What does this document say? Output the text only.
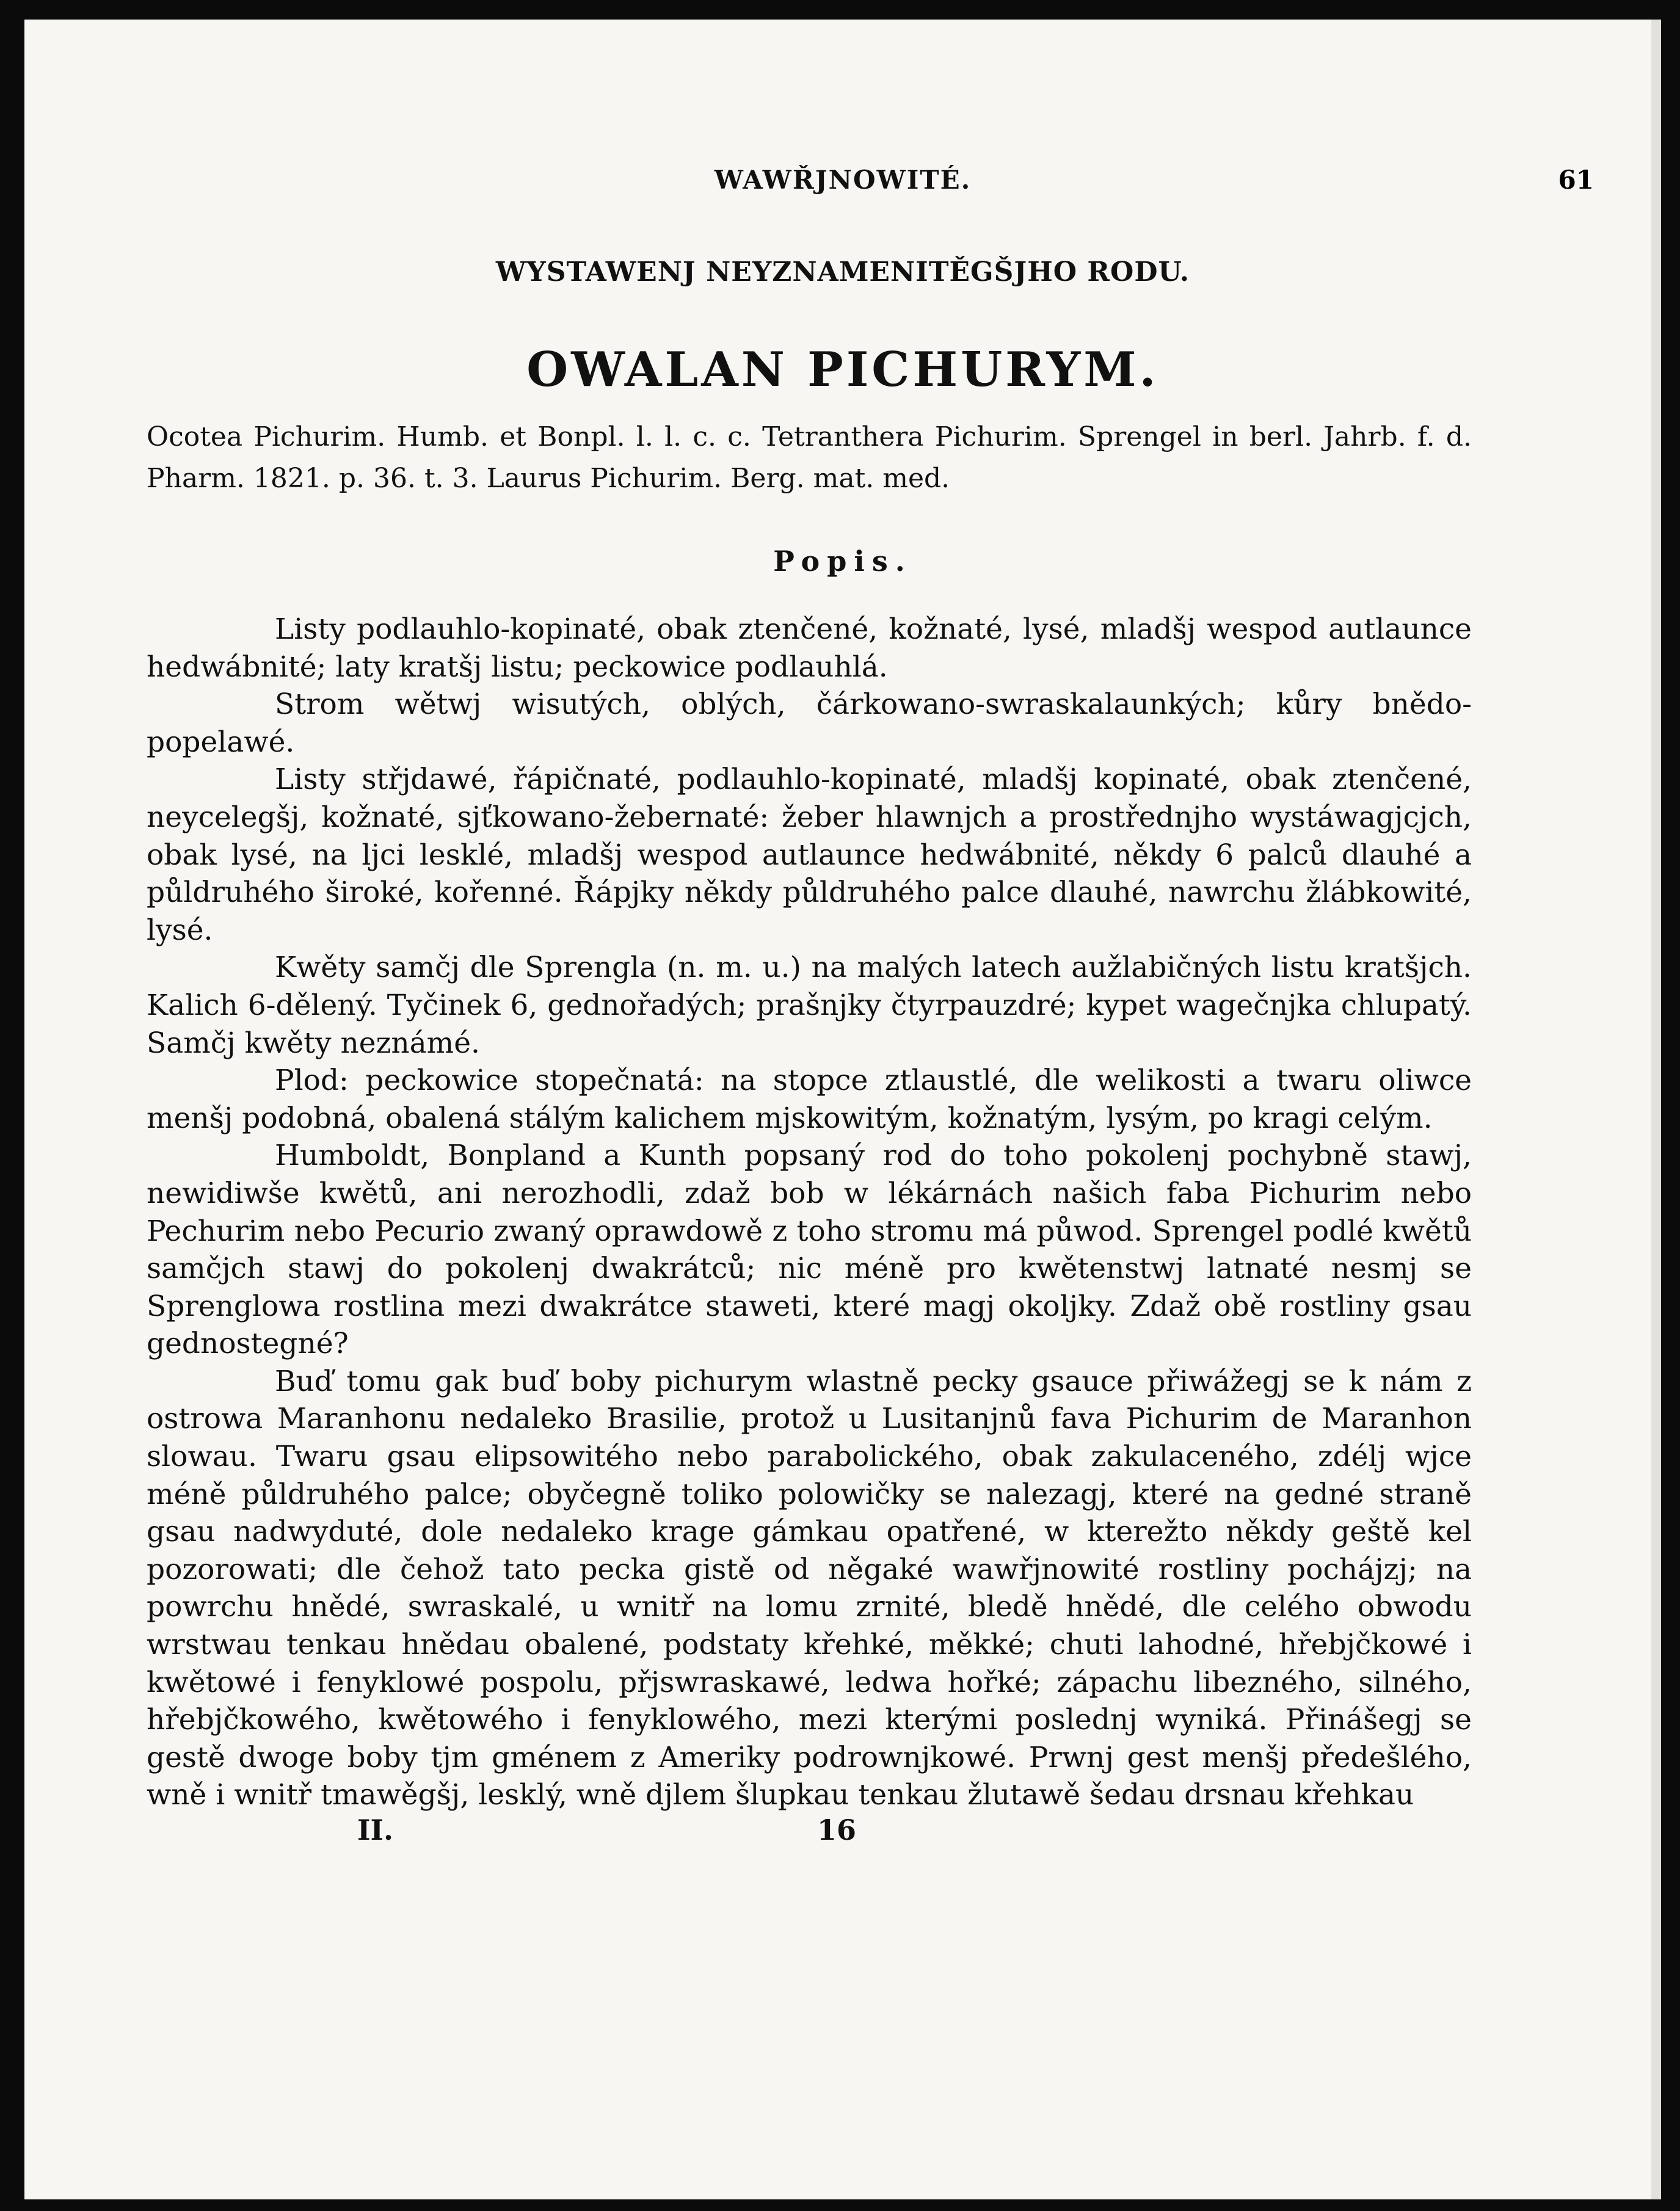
WAWŘJNOWITÉ.	61
WYSTAWENJ NEYZNAMENITĚGŠJHO RODU.
OWALAN PICHURYM.
Ocotea Pichurim. Humb. et Bonpl. l. l. c. c. Tetranthera Pichurim. Sprengel in berl. Jahrb. f. d. Pharm. 1821. p. 36. t. 3. Laurus Pichurim. Berg. mat. med.
Popis.

Listy podlauhlo-kopinaté, obak ztenčené, kožnaté, lysé, mladšj wespod autlaunce hedwábnité; laty kratšj listu; peckowice podlauhlá.

Strom wětwj wisutých, oblých, čárkowano-swraskalaunkých; kůry bnědo-popelawé.

Listy střjdawé, řápičnaté, podlauhlo-kopinaté, mladšj kopinaté, obak ztenčené, neycelegšj, kožnaté, sjťkowano-žebernaté: žeber hlawnjch a prostřednjho wystáwagjcjch, obak lysé, na ljci lesklé, mladšj wespod autlaunce hedwábnité, někdy 6 palců dlauhé a půldruhého široké, kořenné. Řápjky někdy půldruhého palce dlauhé, nawrchu žlábkowité, lysé.

Kwěty samčj dle Sprengla (n. m. u.) na malých latech aužlabičných listu kratšjch. Kalich 6-dělený. Tyčinek 6, gednořadých; prašnjky čtyrpauzdré; kypet wagečnjka chlupatý. Samčj kwěty neznámé.

Plod: peckowice stopečnatá: na stopce ztlaustlé, dle welikosti a twaru oliwce menšj podobná, obalená stálým kalichem mjskowitým, kožnatým, lysým, po kragi celým.

Humboldt, Bonpland a Kunth popsaný rod do toho pokolenj pochybně stawj, newidiwše kwětů, ani nerozhodli, zdaž bob w lékárnách našich faba Pichurim nebo Pechurim nebo Pecurio zwaný oprawdowě z toho stromu má půwod. Sprengel podlé kwětů samčjch stawj do pokolenj dwakrátců; nic méně pro kwětenstwj latnaté nesmj se Sprenglowa rostlina mezi dwakrátce staweti, které magj okoljky. Zdaž obě rostliny gsau gednostegné?

Buď tomu gak buď boby pichurym wlastně pecky gsauce přiwážegj se k nám z ostrowa Maranhonu nedaleko Brasilie, protož u Lusitanjnů fava Pichurim de Maranhon slowau. Twaru gsau elipsowitého nebo parabolického, obak zakulaceného, zdélj wjce méně půldruhého palce; obyčegně toliko polowičky se nalezagj, které na gedné straně gsau nadwyduté, dole nedaleko krage gámkau opatřené, w kterežto někdy geště kel pozorowati; dle čehož tato pecka gistě od něgaké wawřjnowité rostliny pochájzj; na powrchu hnědé, swraskalé, u wnitř na lomu zrnité, bledě hnědé, dle celého obwodu wrstwau tenkau hnědau obalené, podstaty křehké, měkké; chuti lahodné, hřebjčkowé i kwětowé i fenyklowé pospolu, přjswraskawé, ledwa hořké; zápachu libezného, silného, hřebjčkowého, kwětowého i fenyklowého, mezi kterými poslednj wyniká. Přinášegj se gestě dwoge boby tjm gménem z Ameriky podrownjkowé. Prwnj gest menšj předešlého, wně i wnitř tmawěgšj, lesklý, wně djlem šlupkau tenkau žlutawě šedau drsnau křehkau

II.	16
